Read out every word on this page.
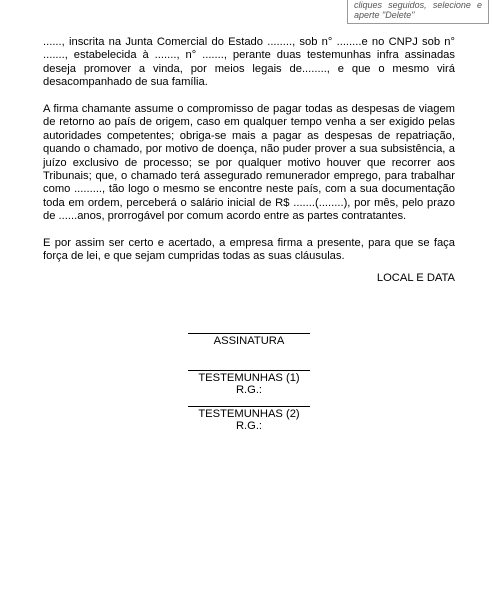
cliques seguidos, selecione e aperte "Delete"

......, inscrita na Junta Comercial do Estado ........, sob n° ........e no CNPJ sob n° ......., estabelecida à ......., n° ......., perante duas testemunhas infra assinadas deseja promover a vinda, por meios legais de........, e que o mesmo virá desacompanhado de sua família.

A firma chamante assume o compromisso de pagar todas as despesas de viagem de retorno ao país de origem, caso em qualquer tempo venha a ser exigido pelas autoridades competentes; obriga-se mais a pagar as despesas de repatriação, quando o chamado, por motivo de doença, não puder prover a sua subsistência, a juízo exclusivo de processo; se por qualquer motivo houver que recorrer aos Tribunais; que, o chamado terá assegurado remunerador emprego, para trabalhar como ........., tão logo o mesmo se encontre neste país, com a sua documentação toda em ordem, perceberá o salário inicial de R$ .......(........), por mês, pelo prazo de ......anos, prorrogável por comum acordo entre as partes contratantes.

E por assim ser certo e acertado, a empresa firma a presente, para que se faça força de lei, e que sejam cumpridas todas as suas cláusulas.

LOCAL E DATA
ASSINATURA
TESTEMUNHAS (1)
R.G.:
TESTEMUNHAS (2)
R.G.:
